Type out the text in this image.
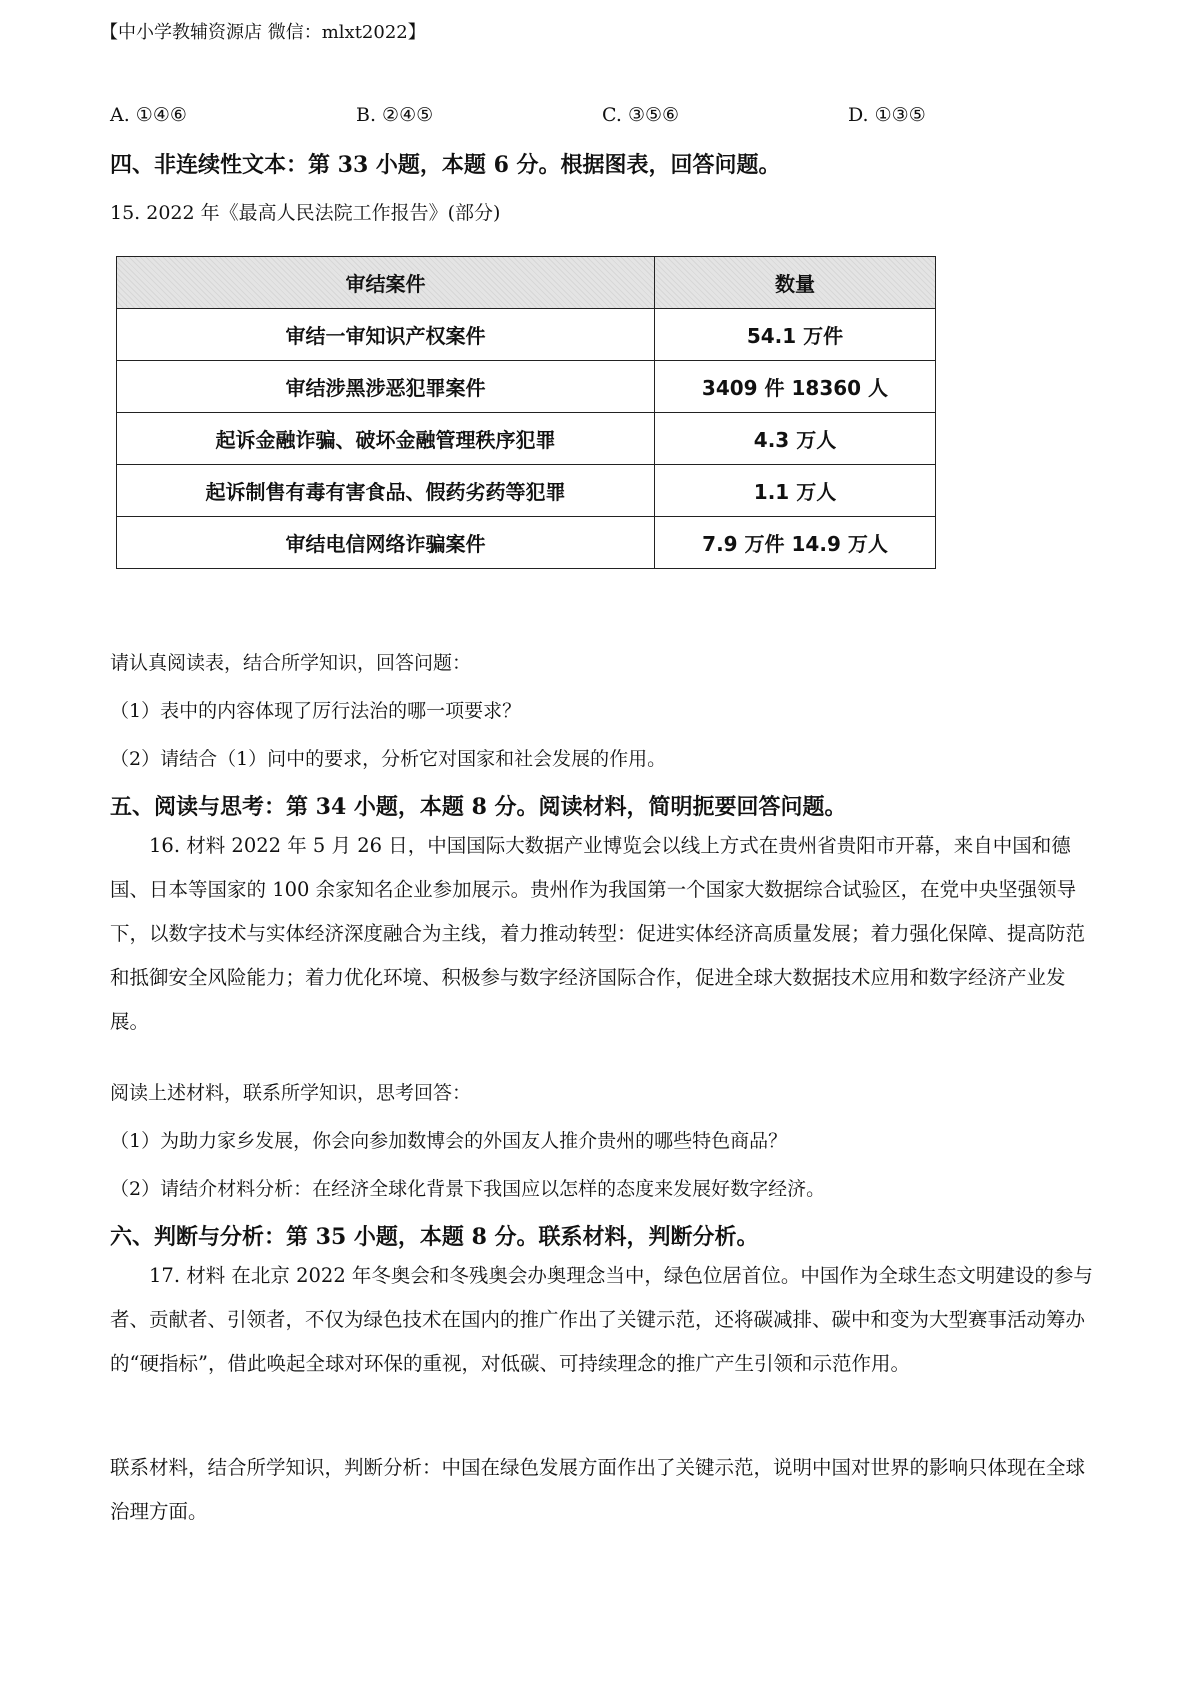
【中小学教辅资源店 微信：mlxt2022】
A. ①④⑥	B. ②④⑤	C. ③⑤⑥	D. ①③⑤
四、非连续性文本：第 33 小题，本题 6 分。根据图表，回答问题。
15. 2022 年《最高人民法院工作报告》(部分)
审结案件	数量
审结一审知识产权案件	54.1 万件
审结涉黑涉恶犯罪案件	3409 件 18360 人
起诉金融诈骗、破坏金融管理秩序犯罪	4.3 万人
起诉制售有毒有害食品、假药劣药等犯罪	1.1 万人
审结电信网络诈骗案件	7.9 万件 14.9 万人
请认真阅读表，结合所学知识，回答问题：
（1）表中的内容体现了厉行法治的哪一项要求？
（2）请结合（1）问中的要求，分析它对国家和社会发展的作用。
五、阅读与思考：第 34 小题，本题 8 分。阅读材料，简明扼要回答问题。
16. 材料 2022 年 5 月 26 日，中国国际大数据产业博览会以线上方式在贵州省贵阳市开幕，来自中国和德国、日本等国家的 100 余家知名企业参加展示。贵州作为我国第一个国家大数据综合试验区，在党中央坚强领导下，以数字技术与实体经济深度融合为主线，着力推动转型：促进实体经济高质量发展；着力强化保障、提高防范和抵御安全风险能力；着力优化环境、积极参与数字经济国际合作，促进全球大数据技术应用和数字经济产业发展。
阅读上述材料，联系所学知识，思考回答：
（1）为助力家乡发展，你会向参加数博会的外国友人推介贵州的哪些特色商品？
（2）请结介材料分析：在经济全球化背景下我国应以怎样的态度来发展好数字经济。
六、判断与分析：第 35 小题，本题 8 分。联系材料，判断分析。
17. 材料 在北京 2022 年冬奥会和冬残奥会办奥理念当中，绿色位居首位。中国作为全球生态文明建设的参与者、贡献者、引领者，不仅为绿色技术在国内的推广作出了关键示范，还将碳减排、碳中和变为大型赛事活动筹办的“硬指标”，借此唤起全球对环保的重视，对低碳、可持续理念的推广产生引领和示范作用。
联系材料，结合所学知识，判断分析：中国在绿色发展方面作出了关键示范，说明中国对世界的影响只体现在全球治理方面。
